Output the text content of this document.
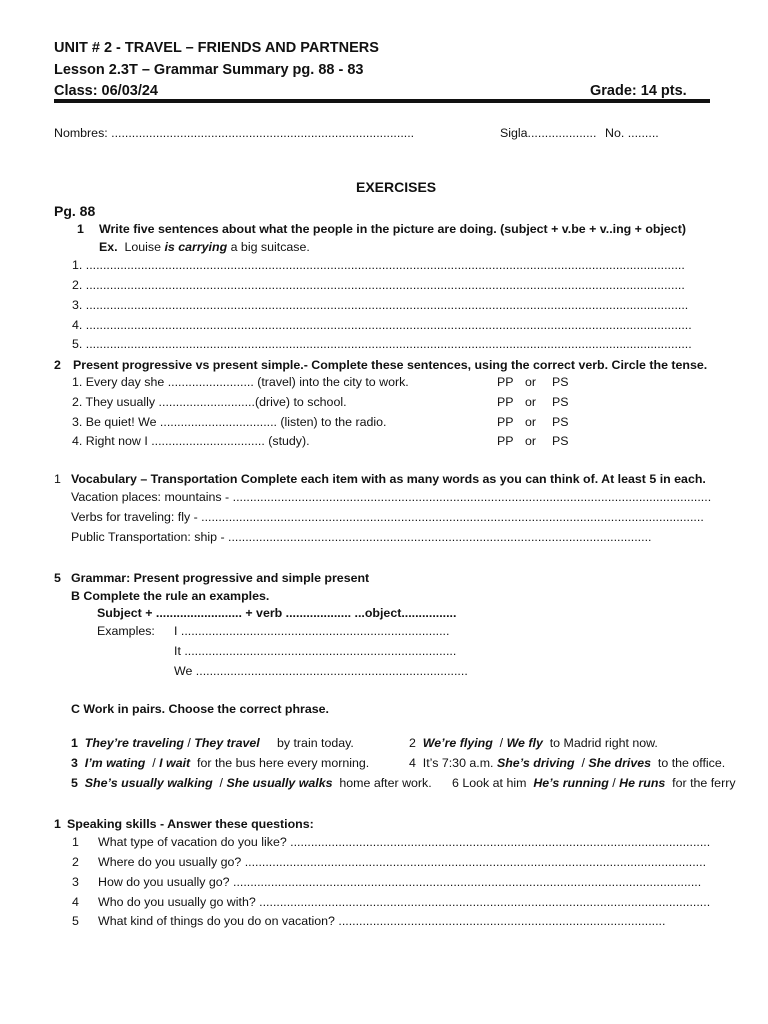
UNIT # 2 - TRAVEL – FRIENDS AND PARTNERS
Lesson 2.3T – Grammar Summary pg. 88 - 83
Class: 06/03/24	Grade: 14 pts.
Nombres: ........................................................................................	Sigla.................... No. .........
EXERCISES
Pg. 88
1 Write five sentences about what the people in the picture are doing. (subject + v.be + v..ing + object)
Ex. Louise is carrying a big suitcase.
1. ..............................................................................................................................................................................
2. ..............................................................................................................................................................................
3. ...............................................................................................................................................................................
4. ................................................................................................................................................................................
5. ................................................................................................................................................................................
2 Present progressive vs present simple.- Complete these sentences, using the correct verb. Circle the tense.
1. Every day she ......................... (travel) into the city to work.	PP or PS
2. They usually ............................(drive) to school.	PP or PS
3. Be quiet! We .................................. (listen) to the radio.	PP or PS
4. Right now I ................................. (study).	PP or PS
1 Vocabulary – Transportation Complete each item with as many words as you can think of. At least 5 in each.
Vacation places: mountains - ...........................................................................................................................................
Verbs for traveling: fly - ..................................................................................................................................................
Public Transportation: ship - ...........................................................................................................................
5 Grammar: Present progressive and simple present
B Complete the rule an examples.
Subject + ......................... + verb ................... ...object................
Examples: I ..............................................................................
It ...............................................................................
We ...............................................................................
C Work in pairs. Choose the correct phrase.
1 They’re traveling / They travel by train today.	2 We’re flying  / We fly to Madrid right now.
3 I’m wating  / I wait for the bus here every morning.	4 It’s 7:30 a.m. She’s driving  / She drives to the office.
5 She’s usually walking  / She usually walks home after work. 6 Look at him He’s running / He runs for the ferry
1 Speaking skills - Answer these questions:
1 What type of vacation do you like? ..........................................................................................................................
2 Where do you usually go? ......................................................................................................................................
3 How do you usually go? ........................................................................................................................................
4 Who do you usually go with? ...................................................................................................................................
5 What kind of things do you do on vacation? ...............................................................................................
